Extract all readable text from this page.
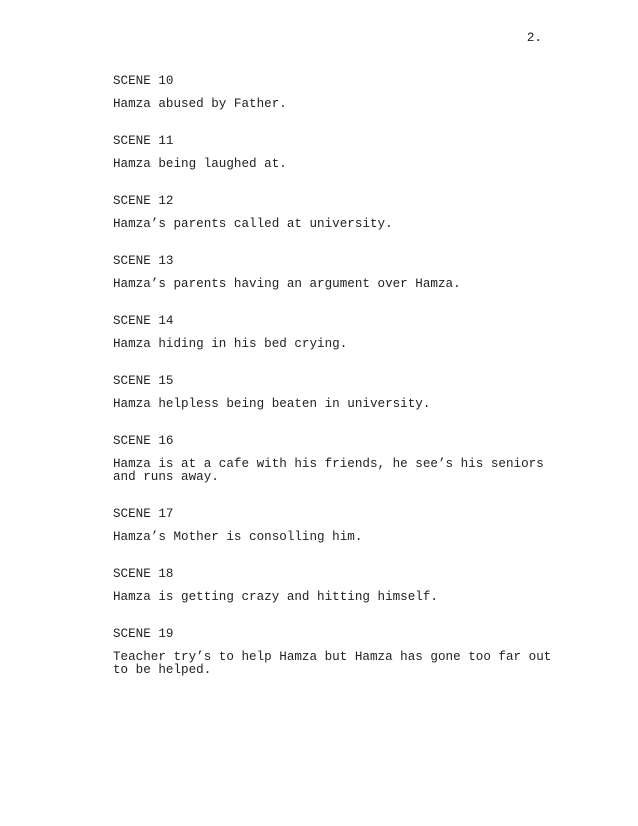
2.
SCENE 10
Hamza abused by Father.
SCENE 11
Hamza being laughed at.
SCENE 12
Hamza’s parents called at university.
SCENE 13
Hamza’s parents having an argument over Hamza.
SCENE 14
Hamza hiding in his bed crying.
SCENE 15
Hamza helpless being beaten in university.
SCENE 16
Hamza is at a cafe with his friends, he see’s his seniors
and runs away.
SCENE 17
Hamza’s Mother is consolling him.
SCENE 18
Hamza is getting crazy and hitting himself.
SCENE 19
Teacher try’s to help Hamza but Hamza has gone too far out
to be helped.
